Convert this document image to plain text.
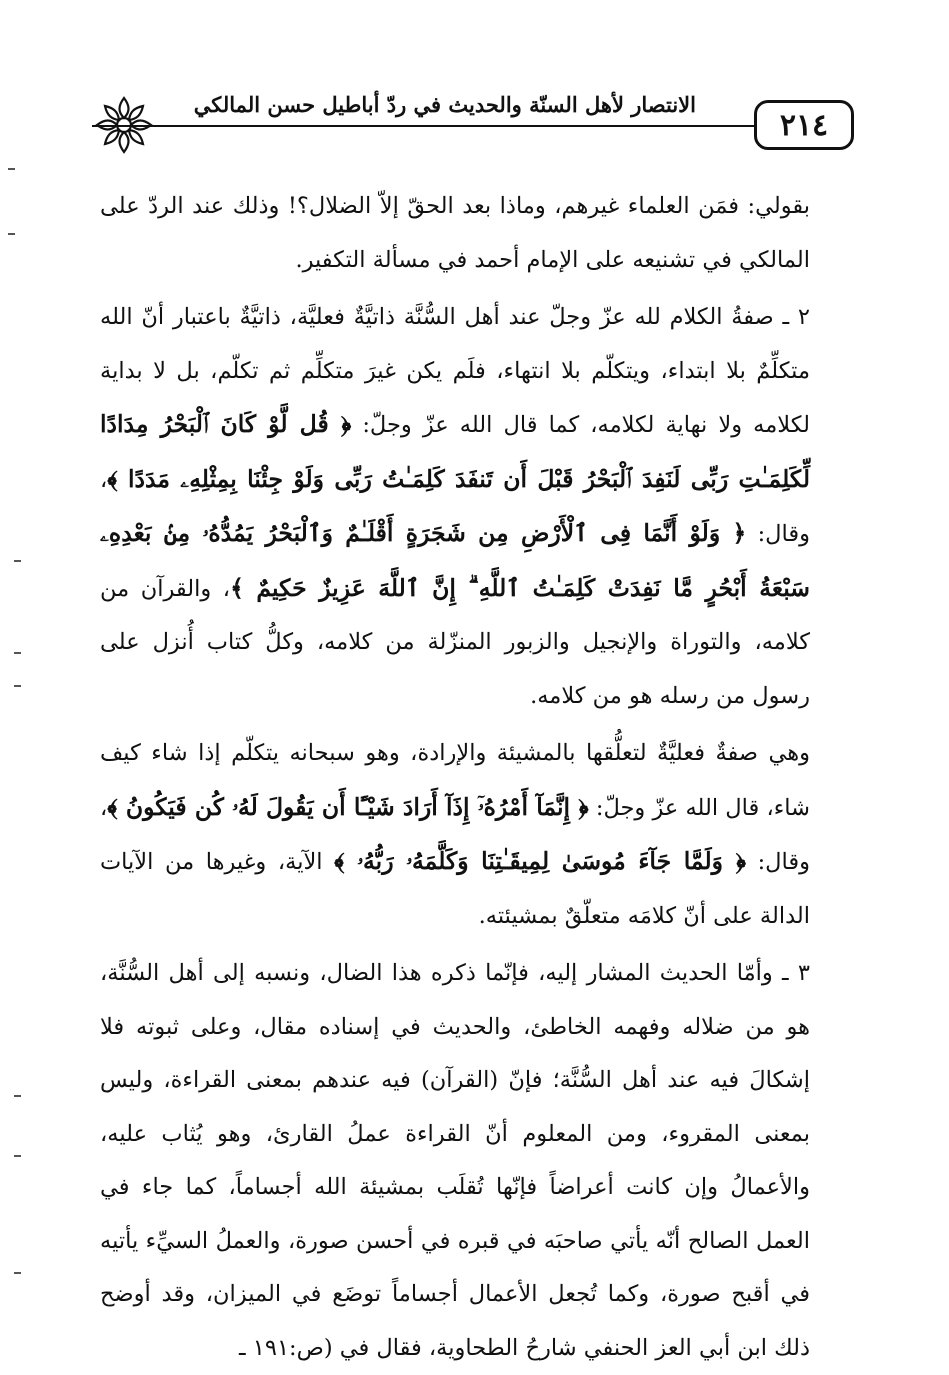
الانتصار لأهل السنّة والحديث في ردّ أباطيل حسن المالكي
٢١٤

بقولي: فمَن العلماء غيرهم، وماذا بعد الحقّ إلاّ الضلال؟! وذلك عند الردّ على المالكي في تشنيعه على الإمام أحمد في مسألة التكفير.

٢ ـ صفةُ الكلام لله عزّ وجلّ عند أهل السُّنَّة ذاتيَّةٌ فعليَّة، ذاتيَّةٌ باعتبار أنّ الله متكلِّمٌ بلا ابتداء، ويتكلّم بلا انتهاء، فلَم يكن غيرَ متكلِّم ثم تكلّم، بل لا بداية لكلامه ولا نهاية لكلامه، كما قال الله عزّ وجلّ: ﴿ قُل لَّوْ كَانَ ٱلْبَحْرُ مِدَادًا لِّكَلِمَـٰتِ رَبِّى لَنَفِدَ ٱلْبَحْرُ قَبْلَ أَن تَنفَدَ كَلِمَـٰتُ رَبِّى وَلَوْ جِئْنَا بِمِثْلِهِۦ مَدَدًا ﴾، وقال: ﴿ وَلَوْ أَنَّمَا فِى ٱلْأَرْضِ مِن شَجَرَةٍ أَقْلَـٰمٌ وَٱلْبَحْرُ يَمُدُّهُۥ مِنۢ بَعْدِهِۦ سَبْعَةُ أَبْحُرٍ مَّا نَفِدَتْ كَلِمَـٰتُ ٱللَّهِ ۗ إِنَّ ٱللَّهَ عَزِيزٌ حَكِيمٌ ﴾، والقرآن من كلامه، والتوراة والإنجيل والزبور المنزّلة من كلامه، وكلُّ كتاب أُنزل على رسول من رسله هو من كلامه.

وهي صفةٌ فعليَّةٌ لتعلُّقها بالمشيئة والإرادة، وهو سبحانه يتكلّم إذا شاء كيف شاء، قال الله عزّ وجلّ: ﴿ إِنَّمَآ أَمْرُهُۥٓ إِذَآ أَرَادَ شَيْـًٔا أَن يَقُولَ لَهُۥ كُن فَيَكُونُ ﴾، وقال: ﴿ وَلَمَّا جَآءَ مُوسَىٰ لِمِيقَـٰتِنَا وَكَلَّمَهُۥ رَبُّهُۥ ﴾ الآية، وغيرها من الآيات الدالة على أنّ كلامَه متعلّقٌ بمشيئته.

٣ ـ وأمّا الحديث المشار إليه، فإنّما ذكره هذا الضال، ونسبه إلى أهل السُّنَّة، هو من ضلاله وفهمه الخاطئ، والحديث في إسناده مقال، وعلى ثبوته فلا إشكالَ فيه عند أهل السُّنَّة؛ فإنّ (القرآن) فيه عندهم بمعنى القراءة، وليس بمعنى المقروء، ومن المعلوم أنّ القراءة عملُ القارئ، وهو يُثاب عليه، والأعمالُ وإن كانت أعراضاً فإنّها تُقلَب بمشيئة الله أجساماً، كما جاء في العمل الصالح أنّه يأتي صاحبَه في قبره في أحسن صورة، والعملُ السيِّء يأتيه في أقبح صورة، وكما تُجعل الأعمال أجساماً توضَع في الميزان، وقد أوضح ذلك ابن أبي العز الحنفي شارحُ الطحاوية، فقال في (ص:١٩١ ـ
